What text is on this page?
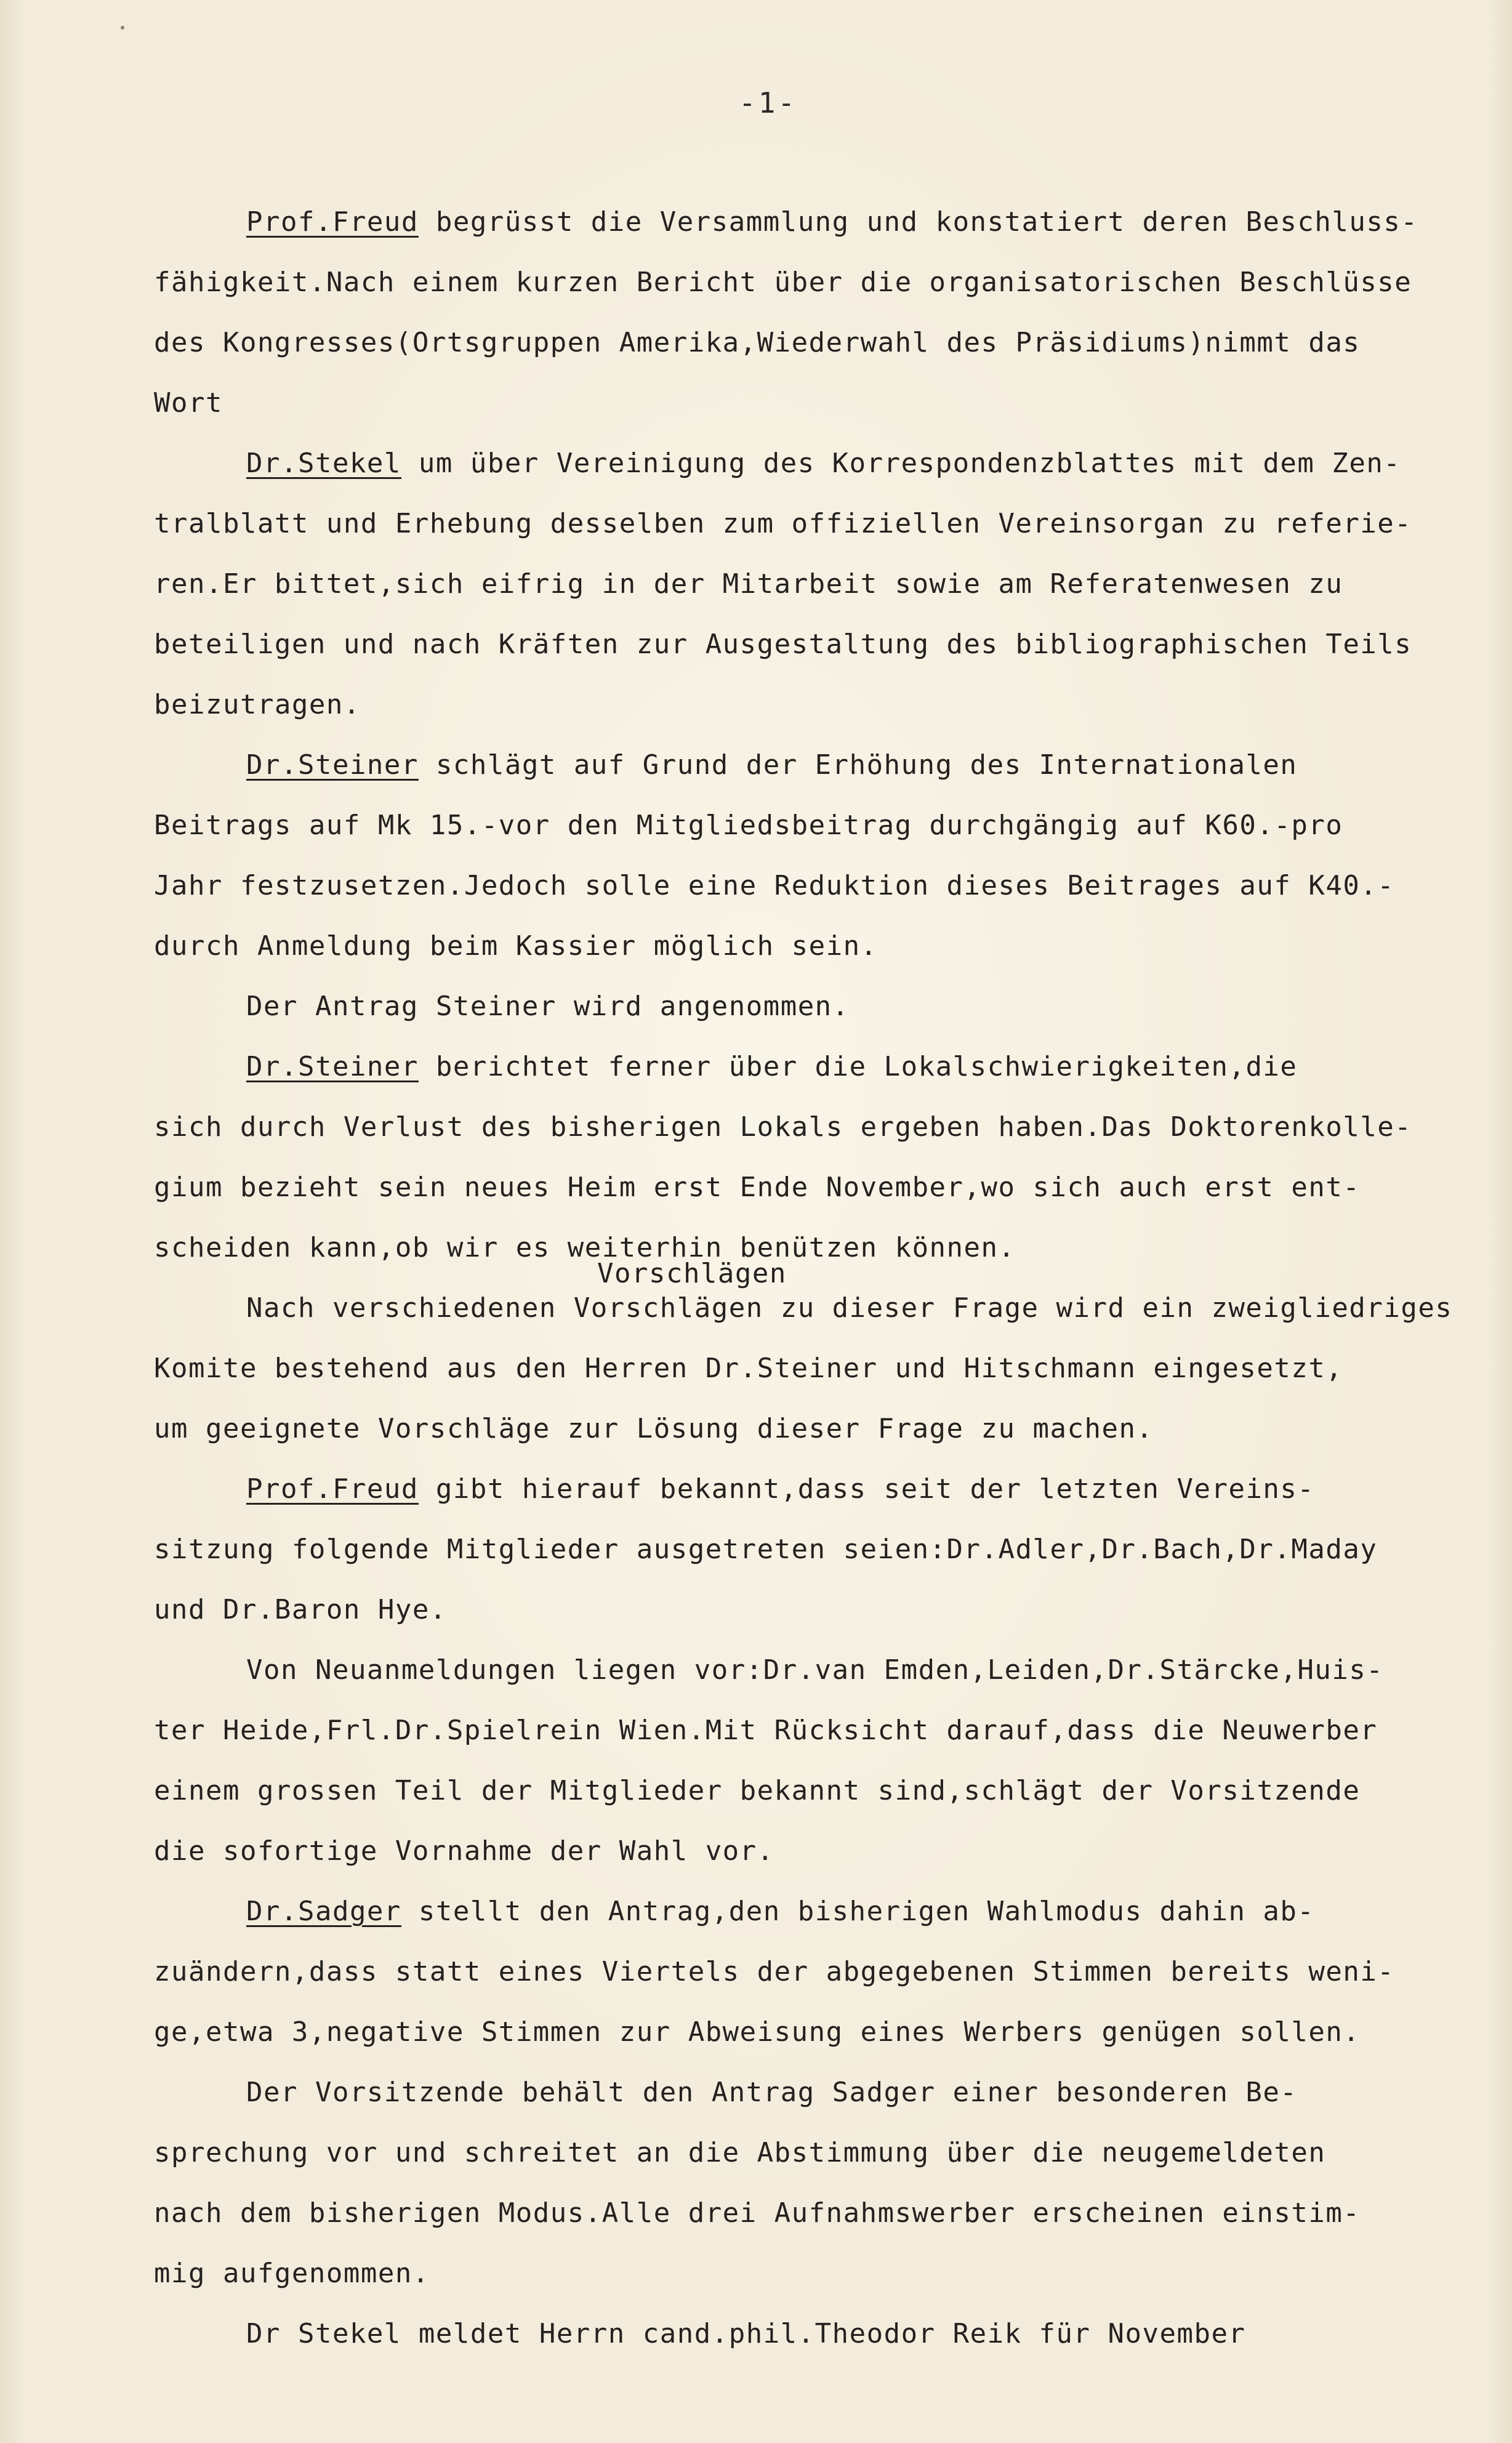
-1-
Prof.Freud begrüsst die Versammlung und konstatiert deren Beschluss-
fähigkeit.Nach einem kurzen Bericht über die organisatorischen Beschlüsse
des Kongresses(Ortsgruppen Amerika,Wiederwahl des Präsidiums)nimmt das
Wort
Dr.Stekel um über Vereinigung des Korrespondenzblattes mit dem Zen-
tralblatt und Erhebung desselben zum offiziellen Vereinsorgan zu referie-
ren.Er bittet,sich eifrig in der Mitarbeit sowie am Referatenwesen zu
beteiligen und nach Kräften zur Ausgestaltung des bibliographischen Teils
beizutragen.
Dr.Steiner schlägt auf Grund der Erhöhung des Internationalen
Beitrags auf Mk 15.-vor den Mitgliedsbeitrag durchgängig auf K60.-pro
Jahr festzusetzen.Jedoch solle eine Reduktion dieses Beitrages auf K40.-
durch Anmeldung beim Kassier möglich sein.
Der Antrag Steiner wird angenommen.
Dr.Steiner berichtet ferner über die Lokalschwierigkeiten,die
sich durch Verlust des bisherigen Lokals ergeben haben.Das Doktorenkolle-
gium bezieht sein neues Heim erst Ende November,wo sich auch erst ent-
scheiden kann,ob wir es weiterhin benützen können.
Vorschlägen
Nach verschiedenen Vorschlägen zu dieser Frage wird ein zweigliedriges
Komite bestehend aus den Herren Dr.Steiner und Hitschmann eingesetzt,
um geeignete Vorschläge zur Lösung dieser Frage zu machen.
Prof.Freud gibt hierauf bekannt,dass seit der letzten Vereins-
sitzung folgende Mitglieder ausgetreten seien:Dr.Adler,Dr.Bach,Dr.Maday
und Dr.Baron Hye.
Von Neuanmeldungen liegen vor:Dr.van Emden,Leiden,Dr.Stärcke,Huis-
ter Heide,Frl.Dr.Spielrein Wien.Mit Rücksicht darauf,dass die Neuwerber
einem grossen Teil der Mitglieder bekannt sind,schlägt der Vorsitzende
die sofortige Vornahme der Wahl vor.
Dr.Sadger stellt den Antrag,den bisherigen Wahlmodus dahin ab-
zuändern,dass statt eines Viertels der abgegebenen Stimmen bereits weni-
ge,etwa 3,negative Stimmen zur Abweisung eines Werbers genügen sollen.
Der Vorsitzende behält den Antrag Sadger einer besonderen Be-
sprechung vor und schreitet an die Abstimmung über die neugemeldeten
nach dem bisherigen Modus.Alle drei Aufnahmswerber erscheinen einstim-
mig aufgenommen.
Dr Stekel meldet Herrn cand.phil.Theodor Reik für November
